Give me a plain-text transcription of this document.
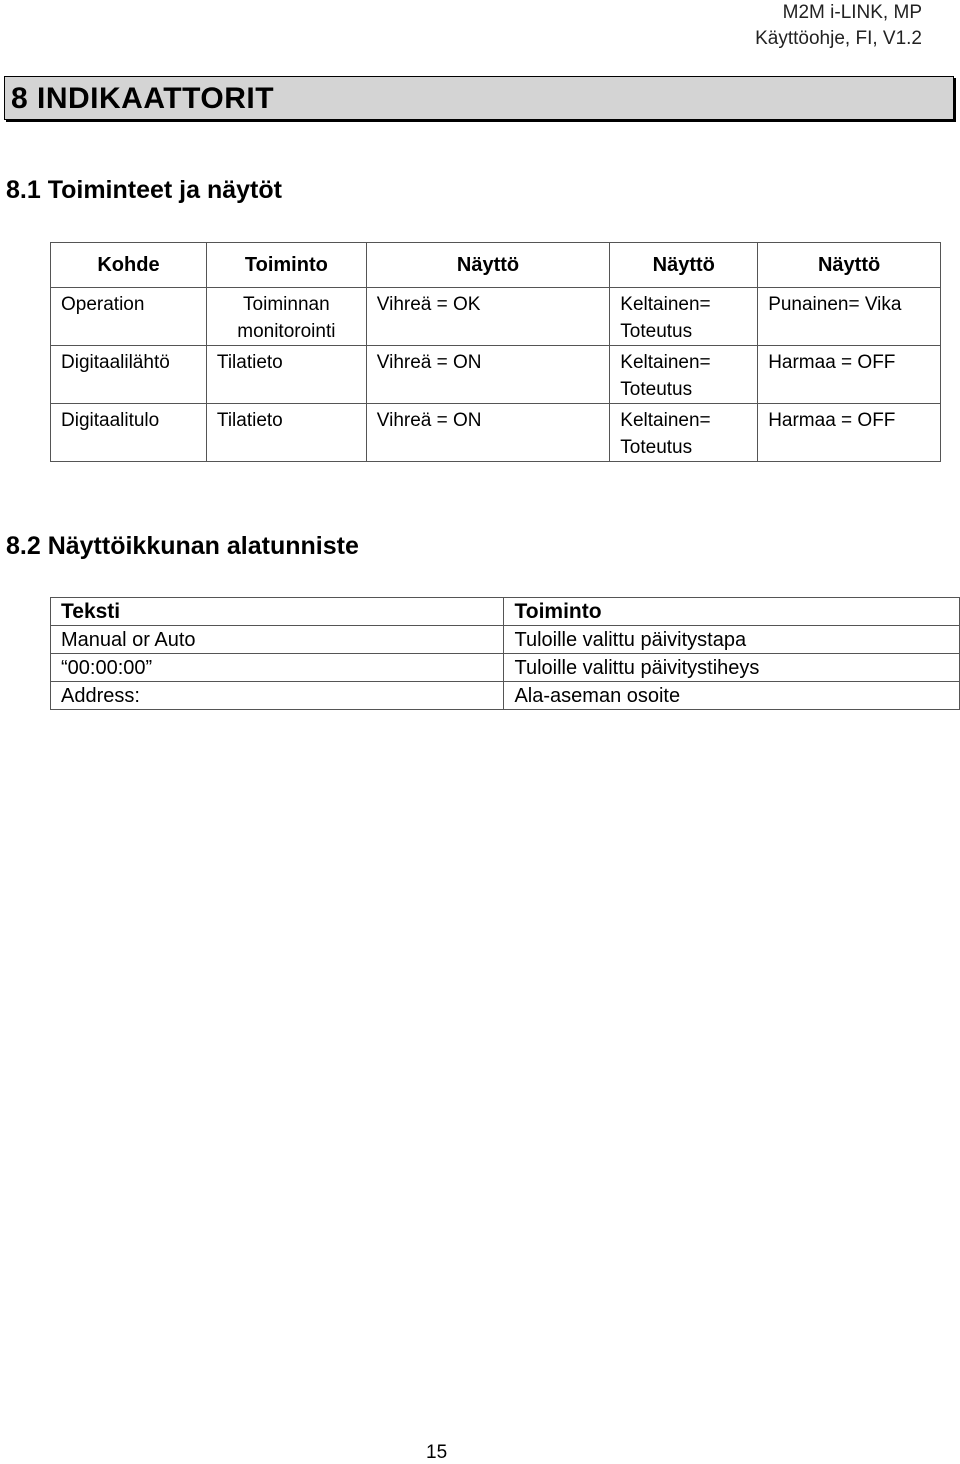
M2M i-LINK, MP
Käyttöohje, FI, V1.2
8 INDIKAATTORIT
8.1 Toiminteet ja näytöt
Kohde	Toiminto	Näyttö	Näyttö	Näyttö
Operation	Toiminnan monitorointi	Vihreä = OK	Keltainen= Toteutus	Punainen= Vika
Digitaalilähtö	Tilatieto	Vihreä = ON	Keltainen= Toteutus	Harmaa = OFF
Digitaalitulo	Tilatieto	Vihreä = ON	Keltainen= Toteutus	Harmaa = OFF
8.2 Näyttöikkunan alatunniste
Teksti	Toiminto
Manual or Auto	Tuloille valittu päivitystapa
“00:00:00”	Tuloille valittu päivitystiheys
Address:	Ala-aseman osoite
15
